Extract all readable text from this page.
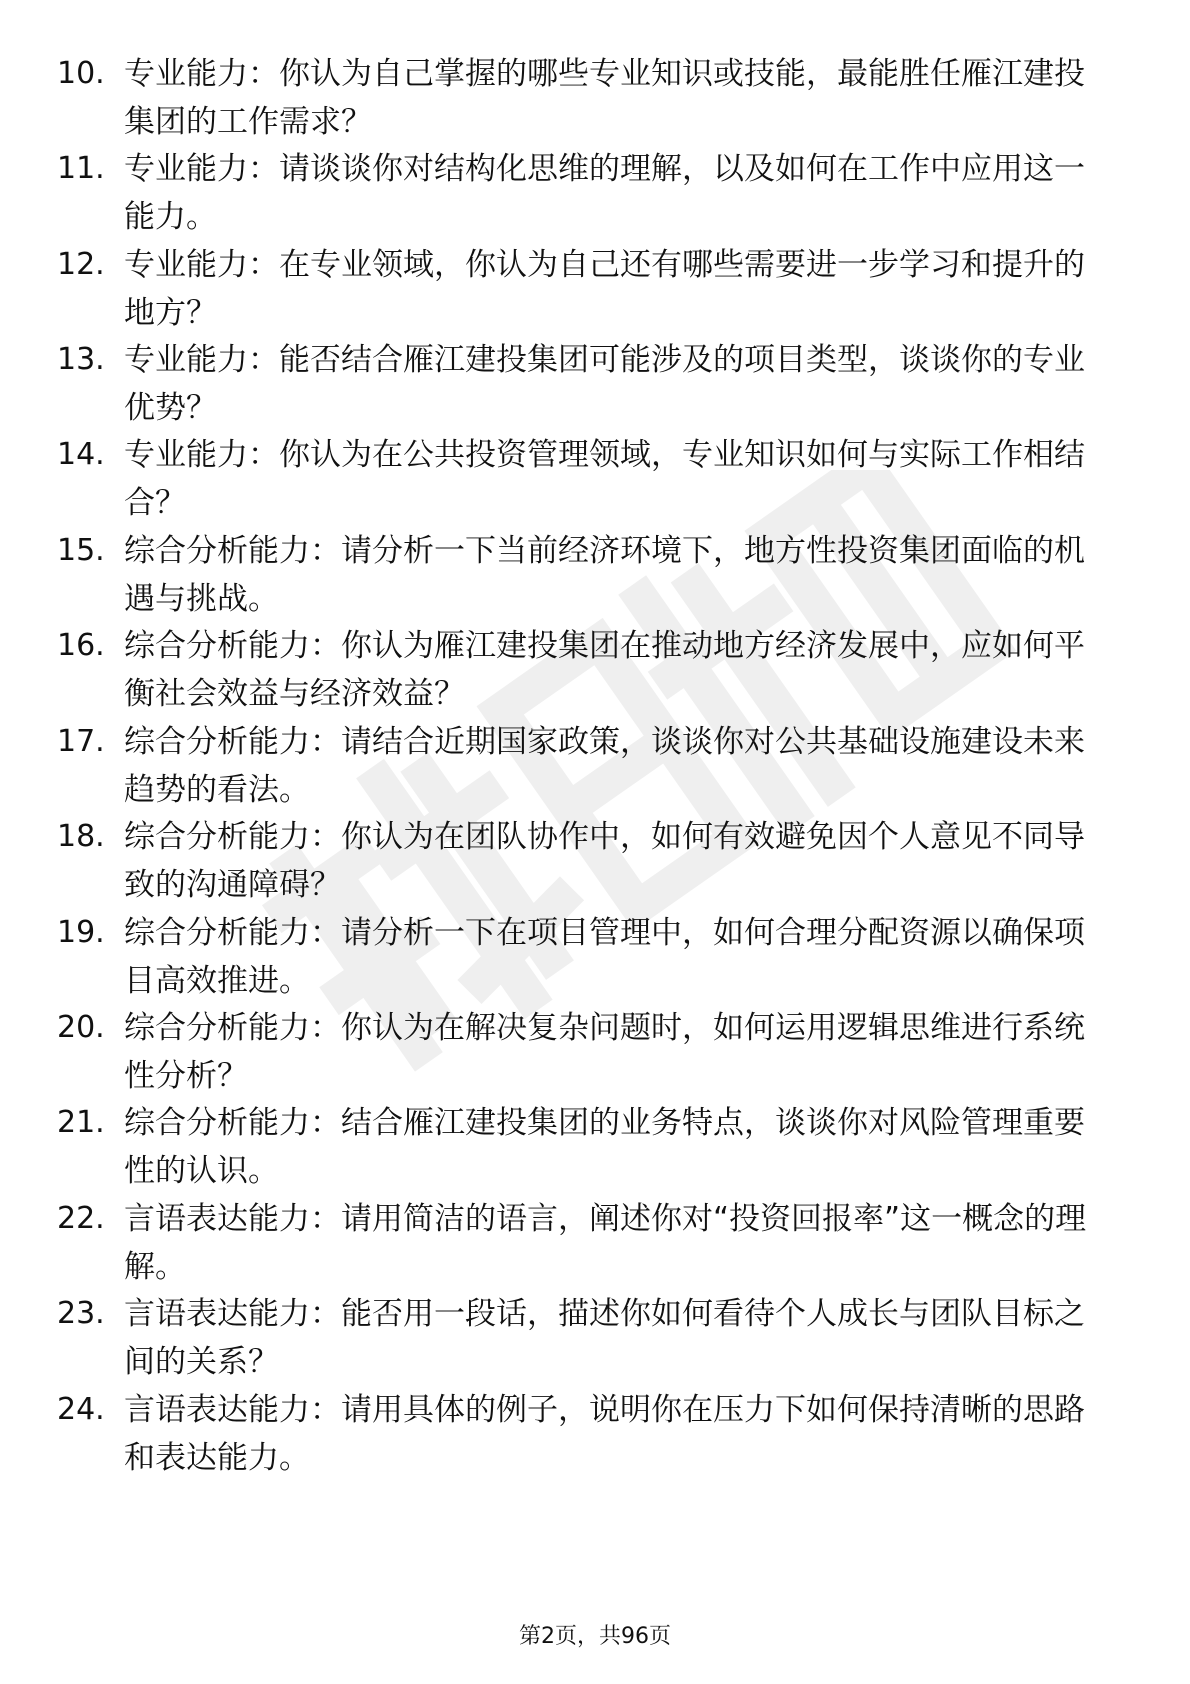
10. 专业能力：你认为自己掌握的哪些专业知识或技能，最能胜任雁江建投集团的工作需求？
11. 专业能力：请谈谈你对结构化思维的理解，以及如何在工作中应用这一能力。
12. 专业能力：在专业领域，你认为自己还有哪些需要进一步学习和提升的地方？
13. 专业能力：能否结合雁江建投集团可能涉及的项目类型，谈谈你的专业优势？
14. 专业能力：你认为在公共投资管理领域，专业知识如何与实际工作相结合？
15. 综合分析能力：请分析一下当前经济环境下，地方性投资集团面临的机遇与挑战。
16. 综合分析能力：你认为雁江建投集团在推动地方经济发展中，应如何平衡社会效益与经济效益？
17. 综合分析能力：请结合近期国家政策，谈谈你对公共基础设施建设未来趋势的看法。
18. 综合分析能力：你认为在团队协作中，如何有效避免因个人意见不同导致的沟通障碍？
19. 综合分析能力：请分析一下在项目管理中，如何合理分配资源以确保项目高效推进。
20. 综合分析能力：你认为在解决复杂问题时，如何运用逻辑思维进行系统性分析？
21. 综合分析能力：结合雁江建投集团的业务特点，谈谈你对风险管理重要性的认识。
22. 言语表达能力：请用简洁的语言，阐述你对“投资回报率”这一概念的理解。
23. 言语表达能力：能否用一段话，描述你如何看待个人成长与团队目标之间的关系？
24. 言语表达能力：请用具体的例子，说明你在压力下如何保持清晰的思路和表达能力。
第2页，共96页
